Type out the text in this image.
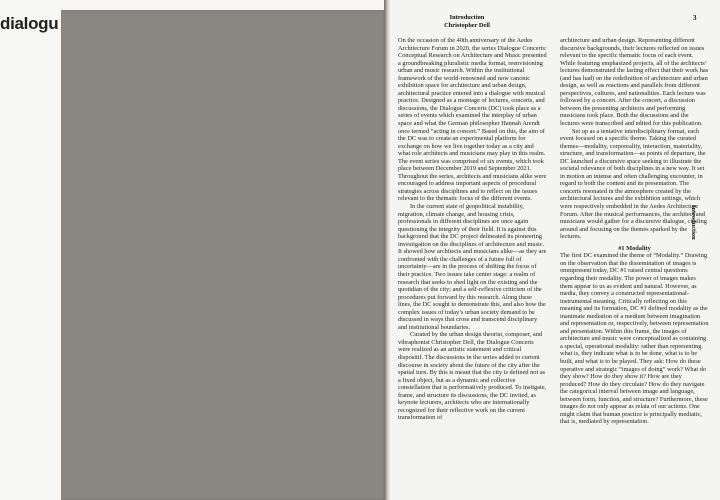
dialogu	Introduction
Christopher Dell
3
Introduction

On the occasion of the 40th anniversary of the Aedes Architecture Forum in 2020, the series Dialogue Concerts: Conceptual Research on Architecture and Music presented a groundbreaking pluralistic media format, reenvisioning urban and music research. Within the institutional framework of the world-renowned and now canonic exhibition space for architecture and urban design, architectural practice entered into a dialogue with musical practice. Designed as a montage of lectures, concerts, and discussions, the Dialogue Concerts (DC) took place as a series of events which examined the interplay of urban space and what the German philosopher Hannah Arendt once termed “acting in concert.” Based on this, the aim of the DC was to create an experimental platform for exchange on how we live together today as a city and what role architects and musicians may play in this realm. The event series was comprised of six events, which took place between December 2019 and September 2021. Throughout the series, architects and musicians alike were encouraged to address important aspects of procedural strategies across disciplines and to reflect on the issues relevant to the thematic focus of the different events.

In the current state of geopolitical instability, migration, climate change, and housing crisis, professionals in different disciplines are once again questioning the integrity of their field. It is against this background that the DC project delineated its pioneering investigation on the disciplines of architecture and music. It showed how architects and musicians alike—as they are confronted with the challenges of a future full of uncertainty—are in the process of shifting the focus of their practice. Two issues take center stage: a realm of research that seeks to shed light on the existing and the quotidian of the city; and a self-reflexive criticism of the procedures put forward by this research. Along these lines, the DC sought to demonstrate this, and also how the complex issues of today’s urban society demand to be discussed in ways that cross and transcend disciplinary and institutional boundaries.

Curated by the urban design theorist, composer, and vibraphonist Christopher Dell, the Dialogue Concerts were realized as an artistic statement and critical dispositif. The discussions in the series added to current discourse in society about the future of the city after the spatial turn. By this is meant that the city is defined not as a fixed object, but as a dynamic and collective constellation that is performatively produced. To instigate, frame, and structure its discussions, the DC invited, as keynote lecturers, architects who are internationally recognized for their reflective work on the current transformation of

architecture and urban design. Representing different discursive backgrounds, their lectures reflected on issues relevant to the specific thematic focus of each event. While featuring emphasized projects, all of the architects’ lectures demonstrated the lasting effect that their work has (and has had) on the redefinition of architecture and urban design, as well as reactions and parallels from different perspectives, cultures, and nationalities. Each lecture was followed by a concert. After the concert, a discussion between the presenting architects and performing musicians took place. Both the discussions and the lectures were transcribed and edited for this publication.

Set up as a tentative interdisciplinary format, each event focused on a specific theme. Taking the curated themes—modality, corporeality, interaction, materiality, structure, and transformation—as points of departure, the DC launched a discursive space seeking to illustrate the societal relevance of both disciplines in a new way. It set in motion an intense and often challenging encounter, in regard to both the content and its presentation. The concerts resonated in the atmosphere created by the architectural lectures and the exhibition settings, which were respectively embedded in the Aedes Architecture Forum. After the musical performances, the architect and musicians would gather for a discursive dialogue, circling around and focusing on the themes sparked by the lectures.

#1 Modality

The first DC examined the theme of “Modality.” Drawing on the observation that the dissemination of images is omnipresent today, DC #1 raised central questions regarding their modality. The power of images makes them appear to us as evident and natural. However, as media, they convey a constructed representational-instrumental meaning. Critically reflecting on this meaning and its formation, DC #1 defined modality as the inanimate mediation of a medium between imagination and representation or, respectively, between representation and presentation. Within this frame, the images of architecture and music were conceptualized as containing a special, operational modality: rather than representing what is, they indicate what is to be done, what is to be built, and what is to be played. They ask: How do these operative and strategic “images of doing” work? What do they show? How do they show it? How are they produced? How do they circulate? How do they navigate the categorical interval between image and language, between form, function, and structure? Furthermore, these images do not only appear as relata of our actions. One might claim that human practice is principally mediatic, that is, mediated by representation.
